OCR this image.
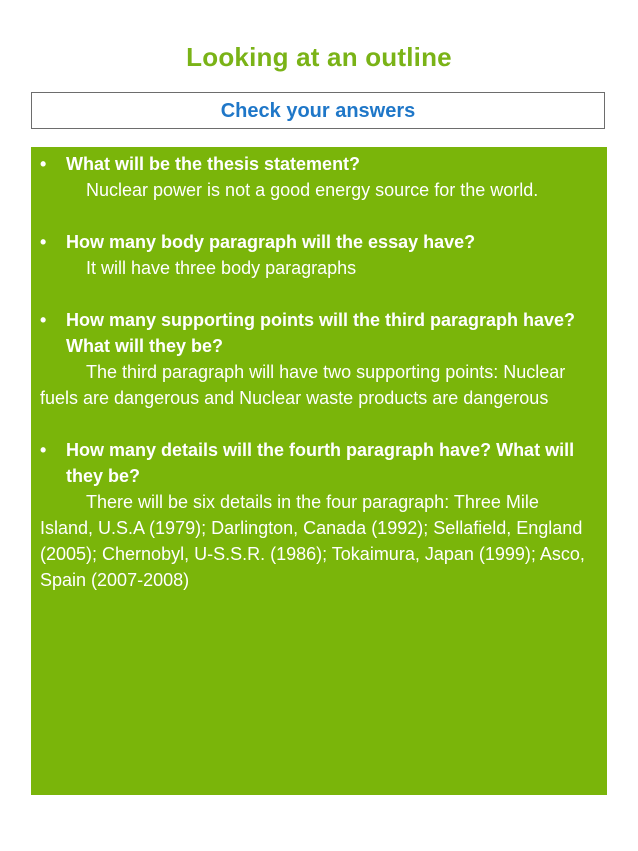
Looking at an outline
Check your answers
• What will be the thesis statement?
Nuclear power is not a good energy source for the world.
• How many body paragraph will the essay have?
It will have three body paragraphs
• How many supporting points will the third paragraph have? What will they be?
The third paragraph will have two supporting points: Nuclear fuels are dangerous and Nuclear waste products are dangerous
• How many details will the fourth paragraph have? What will they be?
There will be six details in the four paragraph: Three Mile Island, U.S.A (1979); Darlington, Canada (1992); Sellafield, England (2005); Chernobyl, U-S.S.R. (1986); Tokaimura, Japan (1999); Asco, Spain (2007-2008)
